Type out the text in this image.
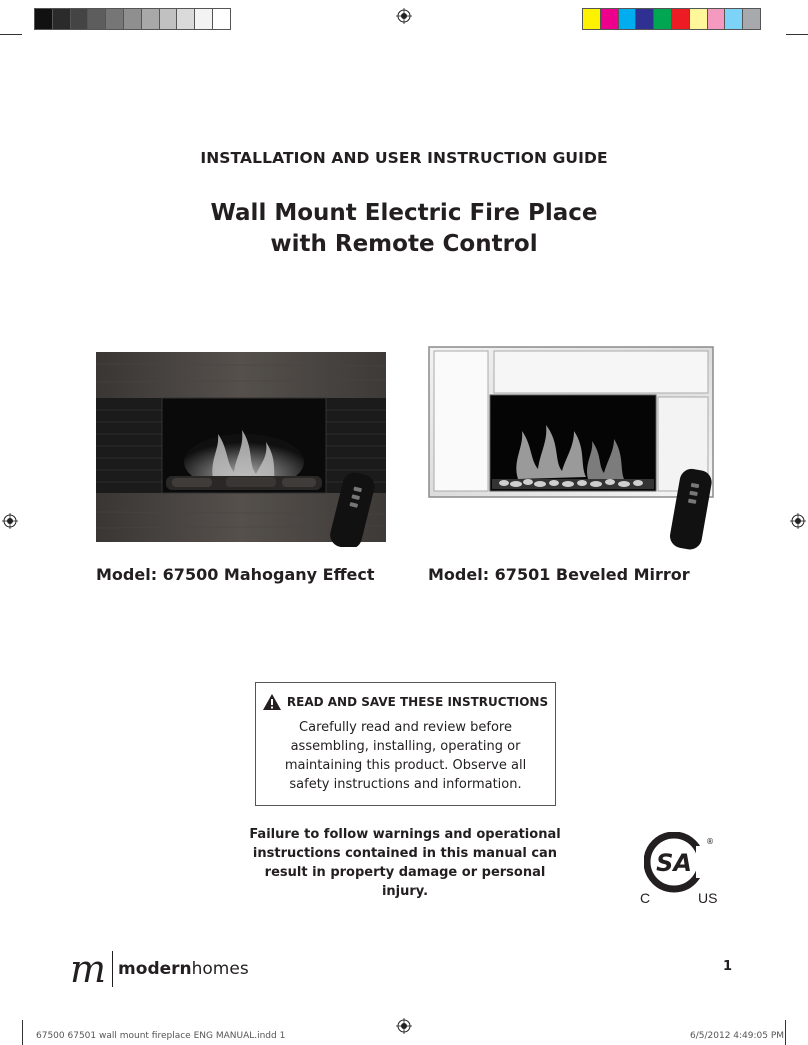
INSTALLATION AND USER INSTRUCTION GUIDE
Wall Mount Electric Fire Place
with Remote Control
Model: 67500 Mahogany Effect	Model: 67501 Beveled Mirror
READ AND SAVE THESE INSTRUCTIONS
Carefully read and review before assembling, installing, operating or maintaining this product. Observe all safety instructions and information.
Failure to follow warnings and operational instructions contained in this manual can result in property damage or personal injury.
SA
®
C	US
m modernhomes	1
67500 67501 wall mount fireplace ENG MANUAL.indd 1	6/5/2012 4:49:05 PM
